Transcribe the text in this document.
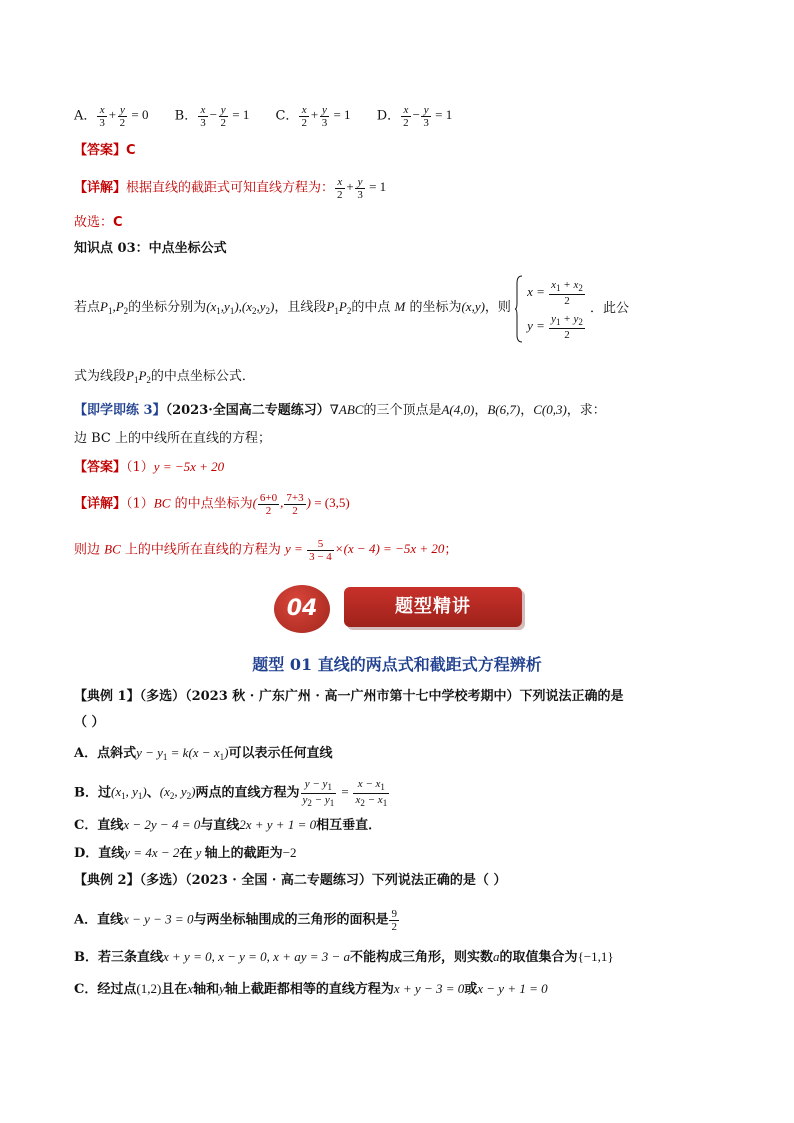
A． $\frac{x}{3} + \frac{y}{2} = 0$ B． $\frac{x}{3} - \frac{y}{2} = 1$ C． $\frac{x}{2} + \frac{y}{3} = 1$ D． $\frac{x}{2} - \frac{y}{3} = 1$
【答案】C
【详解】根据直线的截距式可知直线方程为： $\frac{x}{2} + \frac{y}{3} = 1$
故选：C
知识点 03：中点坐标公式
若点$P_1,P_2$的坐标分别为$(x_1,y_1),(x_2,y_2)$，且线段$P_1P_2$的中点 M 的坐标为(x,y)，则
$x = \frac{x_1 + x_2}{2}$
$y = \frac{y_1 + y_2}{2}$
．此公
式为线段$P_1P_2$的中点坐标公式．
【即学即练 3】（2023·全国高二专题练习）∇ABC的三个顶点是A(4,0)，B(6,7)，C(0,3)，求：
边 BC 上的中线所在直线的方程；
【答案】（1）y = −5x + 20
【详解】（1）BC 的中点坐标为( $\frac{6+0}{2}$ , $\frac{7+3}{2}$ ) = (3,5)
则边 BC 上的中线所在直线的方程为 $y = \frac{5}{3 - 4} \times(x - 4) = -5x + 20$；
04	题型精讲
题型 01 直线的两点式和截距式方程辨析
【典例 1】（多选）（2023 秋 · 广东广州 · 高一广州市第十七中学校考期中）下列说法正确的是
（ ）
A．点斜式$y - y_1 = k(x - x_1)$可以表示任何直线
B．过($x_1$, $y_1$)、($x_2$, $y_2$)两点的直线方程为 $\frac{y - y_1}{y_2 - y_1} = \frac{x - x_1}{x_2 - x_1}$
C．直线x − 2y − 4 = 0与直线2x + y + 1 = 0相互垂直．
D．直线y = 4x − 2在 y 轴上的截距为−2
【典例 2】（多选）（2023 · 全国 · 高二专题练习）下列说法正确的是（ ）
A．直线x − y − 3 = 0与两坐标轴围成的三角形的面积是 $\frac{9}{2}$
B．若三条直线x + y = 0, x − y = 0, x + ay = 3 − a不能构成三角形，则实数a的取值集合为{−1,1}
C．经过点(1,2)且在x轴和y轴上截距都相等的直线方程为x + y − 3 = 0或x − y + 1 = 0
